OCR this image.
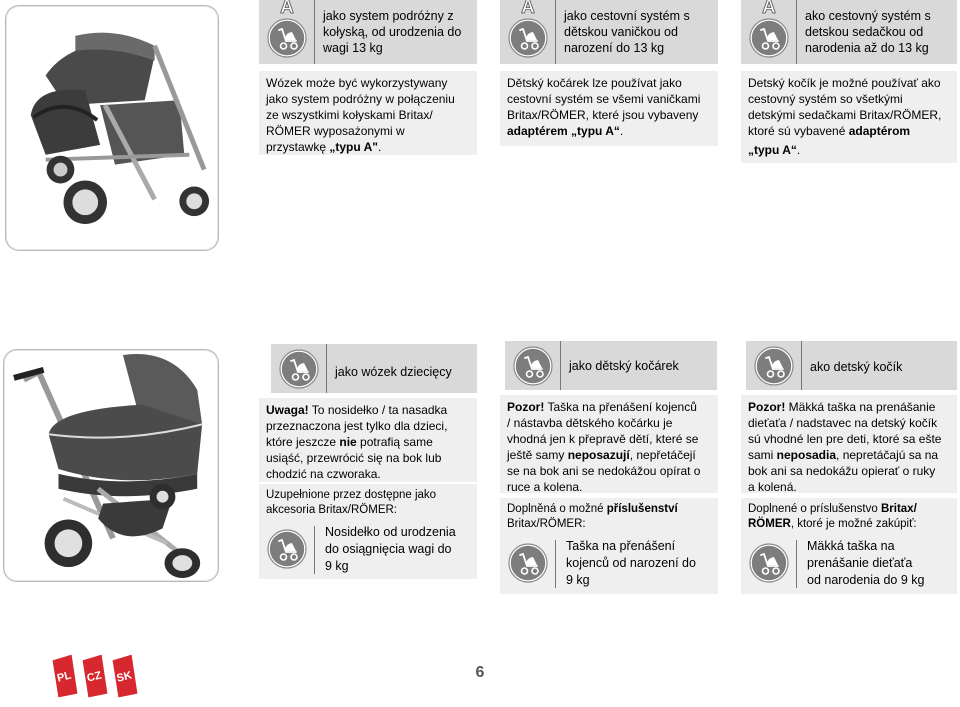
A	jako system podróżny z
kołyską, od urodzenia do
wagi 13 kg
Wózek może być wykorzystywany
jako system podróżny w połączeniu
ze wszystkimi kołyskami Britax/
RÖMER wyposażonymi w
przystawkę „typu A".
A	jako cestovní systém s
dětskou vaničkou od
narození do 13 kg
Dětský kočárek lze používat jako
cestovní systém se všemi vaničkami
Britax/RÖMER, které jsou vybaveny
adaptérem „typu A“.
A	ako cestovný systém s
detskou sedačkou od
narodenia až do 13 kg
Detský kočík je možné používať ako
cestovný systém so všetkými
detskými sedačkami Britax/RÖMER,
ktoré sú vybavené adaptérom
„typu A“.
jako wózek dziecięcy
Uwaga! To nosidełko / ta nasadka
przeznaczona jest tylko dla dzieci,
które jeszcze nie potrafią same
usiąść, przewrócić się na bok lub
chodzić na czworaka.
Uzupełnione przez dostępne jako
akcesoria Britax/RÖMER:
Nosidełko od urodzenia
do osiągnięcia wagi do
9 kg
jako dětský kočárek
Pozor! Taška na přenášení kojenců
/ nástavba dětského kočárku je
vhodná jen k přepravě dětí, které se
ještě samy neposazují, nepřetáčejí
se na bok ani se nedokážou opírat o
ruce a kolena.
Doplněná o možné příslušenství
Britax/RÖMER:
Taška na přenášení
kojenců od narození do
9 kg
ako detský kočík
Pozor! Mäkká taška na prenášanie
dieťaťa / nadstavec na detský kočík
sú vhodné len pre deti, ktoré sa ešte
sami neposadia, nepretáčajú sa na
bok ani sa nedokážu opierať o ruky
a kolená.
Doplnené o príslušenstvo Britax/
RÖMER, ktoré je možné zakúpiť:
Mäkká taška na
prenášanie dieťaťa
od narodenia do 9 kg
PL CZ SK	6
